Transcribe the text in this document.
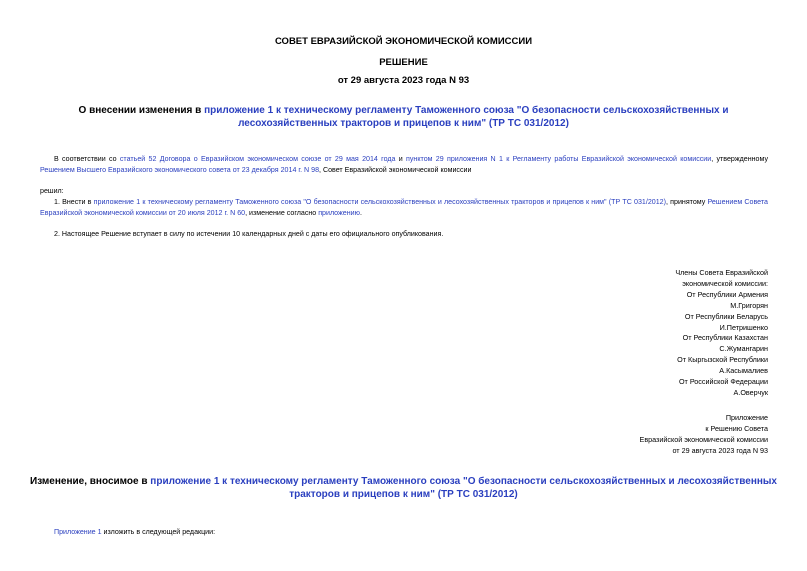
СОВЕТ ЕВРАЗИЙСКОЙ ЭКОНОМИЧЕСКОЙ КОМИССИИ
РЕШЕНИЕ
от 29 августа 2023 года N 93
О внесении изменения в приложение 1 к техническому регламенту Таможенного союза "О безопасности сельскохозяйственных и лесохозяйственных тракторов и прицепов к ним" (ТР ТС 031/2012)
В соответствии со статьей 52 Договора о Евразийском экономическом союзе от 29 мая 2014 года и пунктом 29 приложения N 1 к Регламенту работы Евразийской экономической комиссии, утвержденному Решением Высшего Евразийского экономического совета от 23 декабря 2014 г. N 98, Совет Евразийской экономической комиссии
решил:
1. Внести в приложение 1 к техническому регламенту Таможенного союза "О безопасности сельскохозяйственных и лесохозяйственных тракторов и прицепов к ним" (ТР ТС 031/2012), принятому Решением Совета Евразийской экономической комиссии от 20 июля 2012 г. N 60, изменение согласно приложению.
2. Настоящее Решение вступает в силу по истечении 10 календарных дней с даты его официального опубликования.
Члены Совета Евразийской
экономической комиссии:
От Республики Армения
М.Григорян
От Республики Беларусь
И.Петришенко
От Республики Казахстан
С.Жумангарин
От Кыргызской Республики
А.Касымалиев
От Российской Федерации
А.Оверчук
Приложение
к Решению Совета
Евразийской экономической комиссии
от 29 августа 2023 года N 93
Изменение, вносимое в приложение 1 к техническому регламенту Таможенного союза "О безопасности сельскохозяйственных и лесохозяйственных тракторов и прицепов к ним" (ТР ТС 031/2012)
Приложение 1 изложить в следующей редакции:
